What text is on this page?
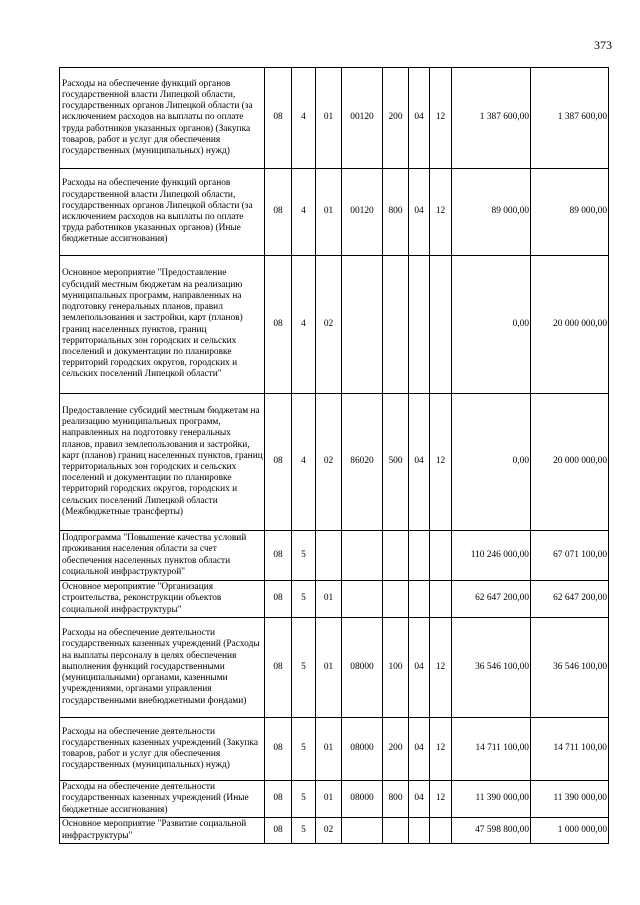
373
Расходы на обеспечение функций органов государственной власти Липецкой области, государственных органов Липецкой области (за исключением расходов на выплаты по оплате труда работников указанных органов) (Закупка товаров, работ и услуг для обеспечения государственных (муниципальных) нужд)	08	4	01	00120	200	04	12	1 387 600,00	1 387 600,00
Расходы на обеспечение функций органов государственной власти Липецкой области, государственных органов Липецкой области (за исключением расходов на выплаты по оплате труда работников указанных органов) (Иные бюджетные ассигнования)	08	4	01	00120	800	04	12	89 000,00	89 000,00
Основное мероприятие "Предоставление субсидий местным бюджетам на реализацию муниципальных программ, направленных на подготовку генеральных планов, правил землепользования и застройки, карт (планов) границ населенных пунктов, границ территориальных зон городских и сельских поселений и документации по планировке территорий городских округов, городских и сельских поселений Липецкой области"	08	4	02					0,00	20 000 000,00
Предоставление субсидий местным бюджетам на реализацию муниципальных программ, направленных на подготовку генеральных планов, правил землепользования и застройки, карт (планов) границ населенных пунктов, границ территориальных зон городских и сельских поселений и документации по планировке территорий городских округов, городских и сельских поселений Липецкой области (Межбюджетные трансферты)	08	4	02	86020	500	04	12	0,00	20 000 000,00
Подпрограмма "Повышение качества условий проживания населения области за счет обеспечения населенных пунктов области социальной инфраструктурой"	08	5						110 246 000,00	67 071 100,00
Основное мероприятие "Организация строительства, реконструкции объектов социальной инфраструктуры"	08	5	01					62 647 200,00	62 647 200,00
Расходы на обеспечение деятельности государственных казенных учреждений (Расходы на выплаты персоналу в целях обеспечения выполнения функций государственными (муниципальными) органами, казенными учреждениями, органами управления государственными внебюджетными фондами)	08	5	01	08000	100	04	12	36 546 100,00	36 546 100,00
Расходы на обеспечение деятельности государственных казенных учреждений (Закупка товаров, работ и услуг для обеспечения государственных (муниципальных) нужд)	08	5	01	08000	200	04	12	14 711 100,00	14 711 100,00
Расходы на обеспечение деятельности государственных казенных учреждений (Иные бюджетные ассигнования)	08	5	01	08000	800	04	12	11 390 000,00	11 390 000,00
Основное мероприятие "Развитие социальной инфраструктуры"	08	5	02					47 598 800,00	1 000 000,00
